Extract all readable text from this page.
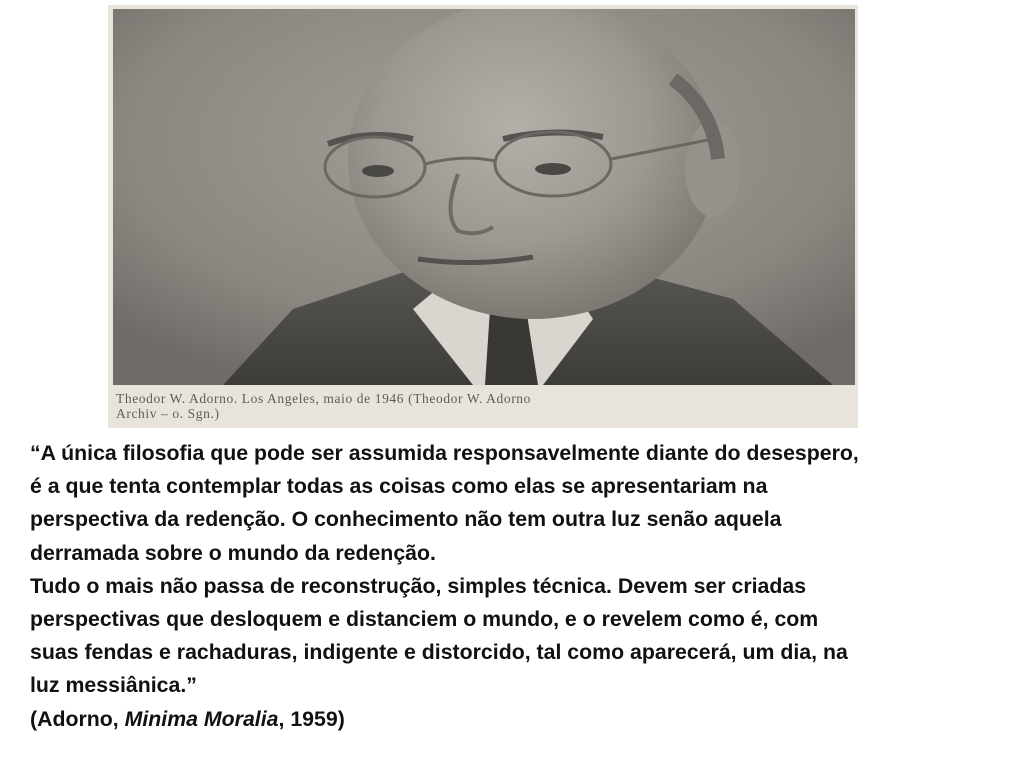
Theodor W. Adorno. Los Angeles, maio de 1946 (Theodor W. Adorno
Archiv – o. Sgn.)
“A única filosofia que pode ser assumida responsavelmente diante do desespero,
é a que tenta contemplar todas as coisas como elas se apresentariam na
perspectiva da redenção. O conhecimento não tem outra luz senão aquela
derramada sobre o mundo da redenção.
Tudo o mais não passa de reconstrução, simples técnica. Devem ser criadas
perspectivas que desloquem e distanciem o mundo, e o revelem como é, com
suas fendas e rachaduras, indigente e distorcido, tal como aparecerá, um dia, na
luz messiânica.”
(Adorno, Minima Moralia, 1959)
